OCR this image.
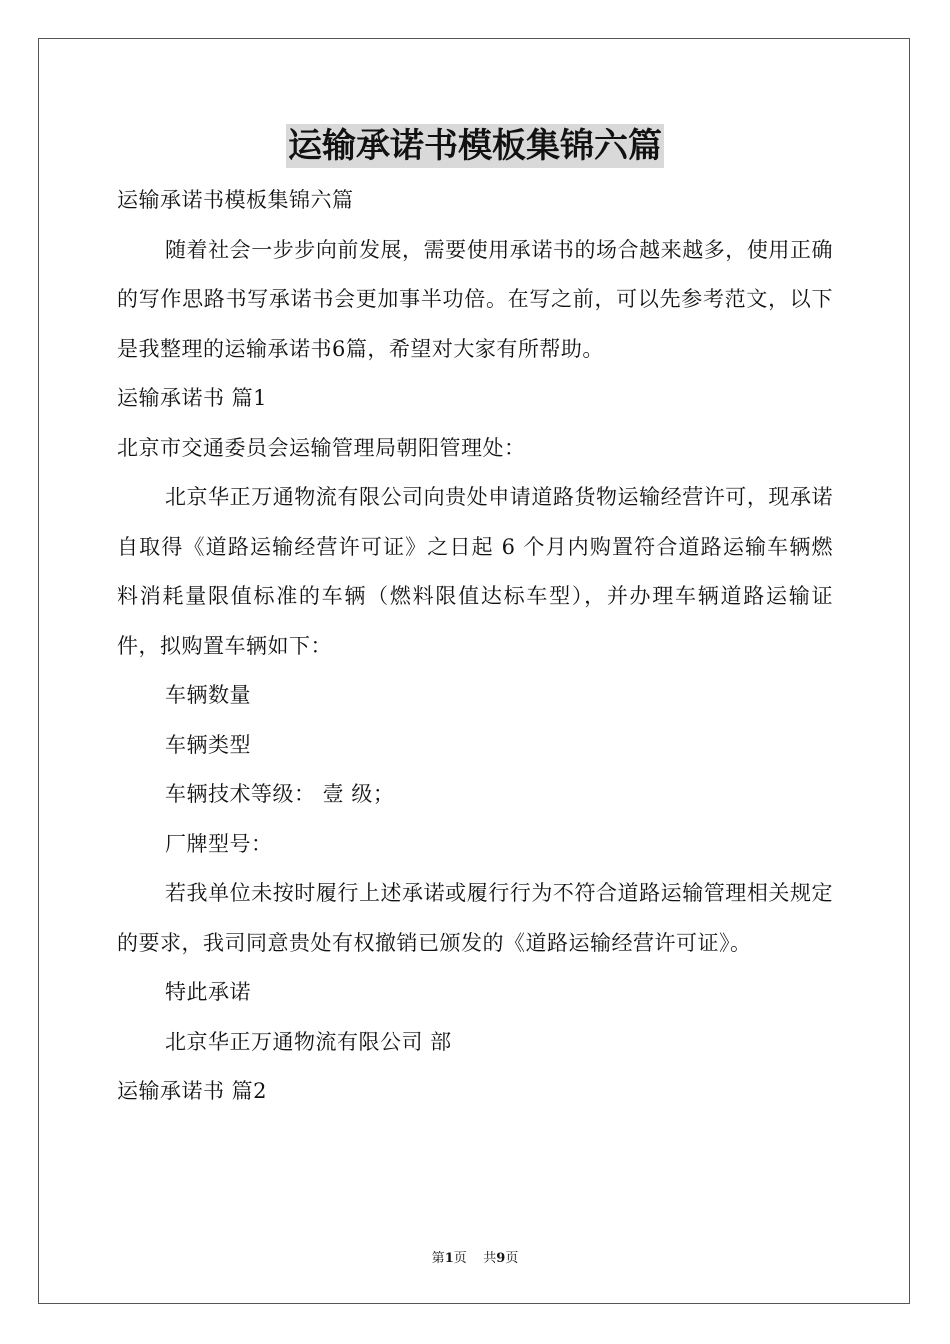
运输承诺书模板集锦六篇
运输承诺书模板集锦六篇
随着社会一步步向前发展，需要使用承诺书的场合越来越多，使用正确的写作思路书写承诺书会更加事半功倍。在写之前，可以先参考范文，以下是我整理的运输承诺书6篇，希望对大家有所帮助。
运输承诺书 篇1
北京市交通委员会运输管理局朝阳管理处：
北京华正万通物流有限公司向贵处申请道路货物运输经营许可，现承诺自取得《道路运输经营许可证》之日起 6 个月内购置符合道路运输车辆燃料消耗量限值标准的车辆（燃料限值达标车型），并办理车辆道路运输证件，拟购置车辆如下：
车辆数量
车辆类型
车辆技术等级： 壹 级；
厂牌型号：
若我单位未按时履行上述承诺或履行行为不符合道路运输管理相关规定的要求，我司同意贵处有权撤销已颁发的《道路运输经营许可证》。
特此承诺
北京华正万通物流有限公司 部
运输承诺书 篇2
第1页    共9页
